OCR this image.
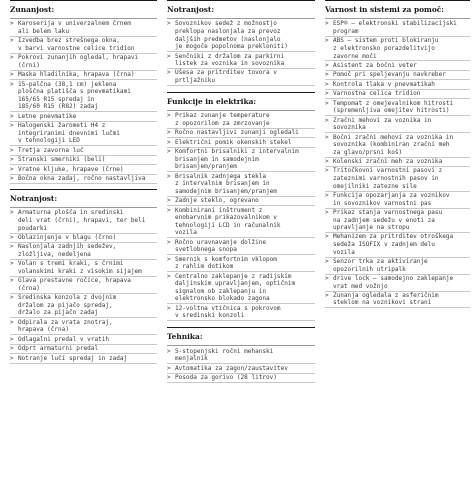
Zunanjost:
> Karoserija v univerzalnem črnem
ali belem laku
> Izvedba brez strešnega okna,
v barvi varnostne celice tridion
> Pokrovi zunanjih ogledal, hrapavi
(črni)
> Maska hladilnika, hrapava (črna)
> 15-palčna (38,1 cm) jeklena
ploščna platišča s pnevmatikami
165/65 R15 spredaj in
185/60 R15 (R82) zadaj
> Letne pnevmatike
> Halogenski žarometi H4 z
integriranimi dnevnimi lučmi
v tehnologiji LED
> Tretja zavorna luč
> Stranski smerniki (beli)
> Vratne kljuke, hrapave (črne)
> Bočna okna zadaj, ročno nastavljiva
Notranjost:
> Armaturna plošča in sredinski
deli vrat (črni), hrapavi, ter beli
poudarki
> Oblazinjenje v blagu (črno)
> Naslonjala zadnjih sedežev,
zložljiva, nedeljena
> Volan s tremi kraki, s črnimi
volanskimi kraki z visokim sijajem
> Glava prestavne ročice, hrapava
(črna)
> Sredinska konzola z dvojnim
držalom za pijačo spredaj,
držalo za pijačo zadaj
> Odpirala za vrata znotraj,
hrapava (črna)
> Odlagalni predal v vratih
> Odprt armaturni predal
> Notranje luči spredaj in zadaj
Notranjost:
> Sovoznikov sedež z možnostjo
preklopa naslonjala za prevoz
daljših predmetov (naslonjalo
je mogoče popolnoma prekloniti)
> Senčniki z držalom za parkirni
listek za voznika in sovoznika
> Ušesa za pritrditev tovora v
prtljažniku
Funkcije in elektrika:
> Prikaz zunanje temperature
z opozorilom za zmrzovanje
> Ročno nastavljivi zunanji ogledali
> Električni pomik okenskih stekel
> Komfortni brisalniki z intervalnim
brisanjem in samodejnim
brisanjem/pranjem
> Brisalnik zadnjega stekla
z intervalnim brisanjem in
samodejnim brisanjem/pranjem
> Zadnje steklo, ogrevano
> Kombinirani inštrument z
enobarvnim prikazovalnikom v
tehnologiji LCD in računalnik
vozila
> Ročno uravnavanje dolžine
svetlobnega snopa
> Smernik s komfortnim vklopom
z rahlim dotikom
> Centralno zaklepanje z radijskim
daljinskim upravljanjem, optičnim
signalom ob zaklepanju in
elektronsko blokado zagona
> 12-voltna vtičnica s pokrovom
v sredinski konzoli
Tehnika:
> 5-stopenjski ročni mehanski
menjalnik
> Avtomatika za zagon/zaustavitev
> Posoda za gorivo (28 litrov)
Varnost in sistemi za pomoč:
> ESP® – elektronski stabilizacijski
program
> ABS – sistem proti blokiranju
z elektronsko porazdelitvijo
zavorne moči
> Asistent za bočni veter
> Pomoč pri speljevanju navkreber
> Kontrola tlaka v pnevmatikah
> Varnostna celica tridion
> Tempomat z omejevalnikom hitrosti
(spremenljiva omejitev hitrosti)
> Zračni mehovi za voznika in
sovoznika
> Bočni zračni mehovi za voznika in
sovoznika (kombiniran zračni meh
za glavo/prsni koš)
> Kolenski zračni meh za voznika
> Tritočkovni varnostni pasovi z
zateznimi varnostnih pasov in
omejilniki zatezne sile
> Funkcija opozarjanja za voznikov
in sovoznikov varnostni pas
> Prikaz stanja varnostnega pasu
na zadnjem sedežu v enoti za
upravljanje na stropu
> Mehanizem za pritrditev otroškega
sedeža ISOFIX v zadnjem delu
vozila
> Senzor trka za aktiviranje
opozorilnih utripalk
> drive lock – samodejno zaklepanje
vrat med vožnjo
> Zunanja ogledala z asferičnim
steklom na voznikovi strani
